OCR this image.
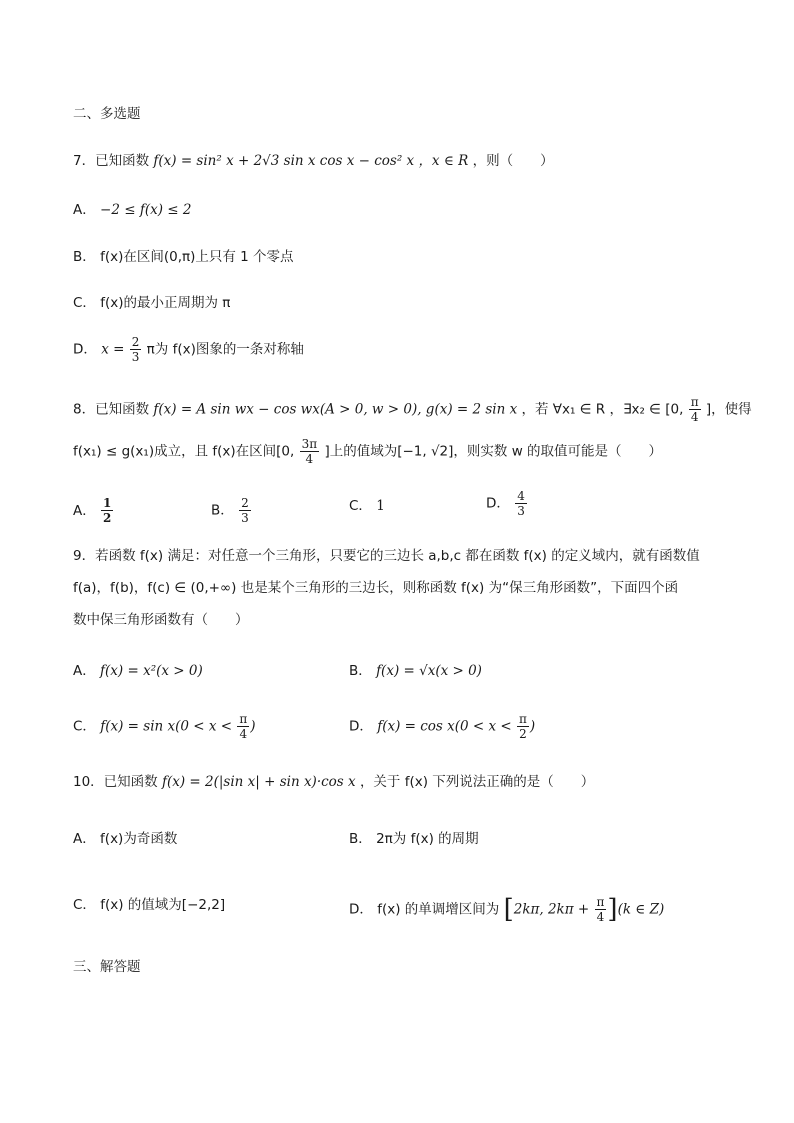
二、多选题
7．已知函数 f(x) = sin² x + 2√3 sin x cos x − cos² x ，x ∈ R ，则（　　）
A． −2 ≤ f(x) ≤ 2
B． f(x)在区间(0,π)上只有 1 个零点
C． f(x)的最小正周期为 π
D． $x = \frac{2}{3}$ π为 f(x)图象的一条对称轴
8．已知函数 f(x) = A sin wx − cos wx(A > 0, w > 0), g(x) = 2 sin x ，若 ∀x₁ ∈ R ，∃x₂ ∈ [0, $\frac{\pi}{4}$ ]，使得
f(x₁) ≤ g(x₁)成立，且 f(x)在区间[0, $\frac{3\pi}{4}$ ]上的值域为[−1, √2]，则实数 w 的取值可能是（　　）
A． $\frac{1}{2}$	B． $\frac{2}{3}$	C． 1	D． $\frac{4}{3}$
9．若函数 f(x) 满足：对任意一个三角形，只要它的三边长 a,b,c 都在函数 f(x) 的定义域内，就有函数值
f(a)，f(b)，f(c) ∈ (0,+∞) 也是某个三角形的三边长，则称函数 f(x) 为“保三角形函数”，下面四个函
数中保三角形函数有（　　）
A． f(x) = x²(x > 0)	B． f(x) = √x(x > 0)
C． $f(x) = \sin x(0 < x < \frac{\pi}{4}$ )	D． $f(x) = \cos x(0 < x < \frac{\pi}{2}$ )
10．已知函数 f(x) = 2(|sin x| + sin x)·cos x ，关于 f(x) 下列说法正确的是（　　）
A． f(x)为奇函数	B． 2π为 f(x) 的周期
C． f(x) 的值域为[−2,2]	D． f(x) 的单调增区间为 [2kπ, $2k\pi + \frac{\pi}{4} ](k$ ∈ Z)
三、解答题
